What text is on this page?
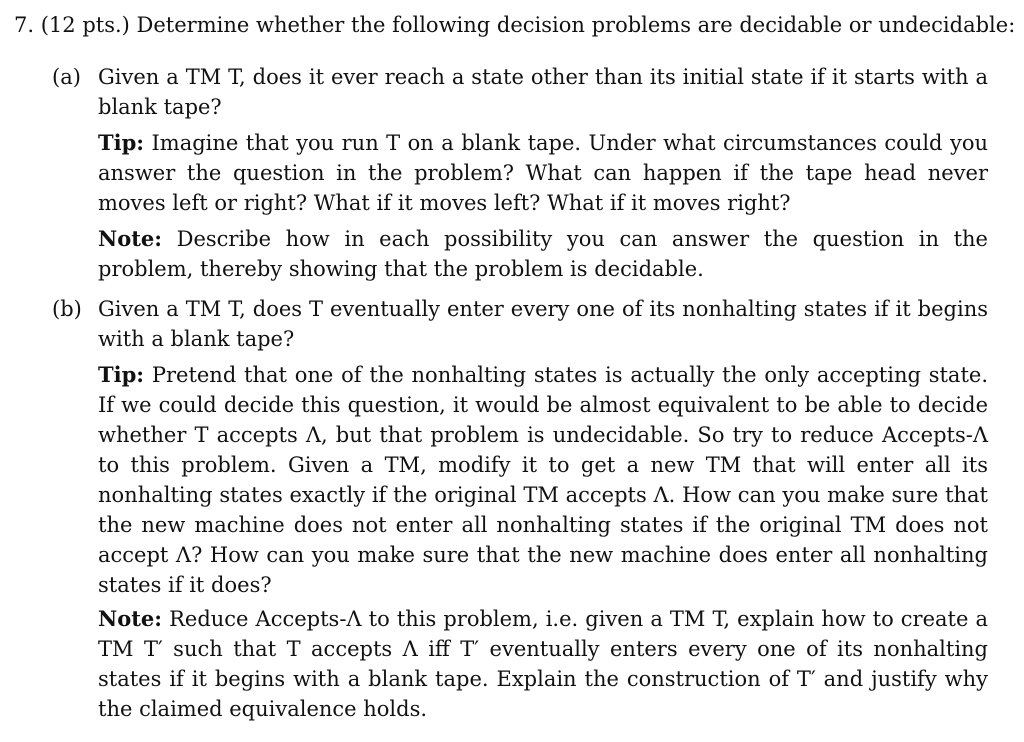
7. (12 pts.) Determine whether the following decision problems are decidable or undecidable:
(a) Given a TM T, does it ever reach a state other than its initial state if it starts with a blank tape?
Tip: Imagine that you run T on a blank tape. Under what circumstances could you answer the question in the problem? What can happen if the tape head never moves left or right? What if it moves left? What if it moves right?
Note: Describe how in each possibility you can answer the question in the problem, thereby showing that the problem is decidable.
(b) Given a TM T, does T eventually enter every one of its nonhalting states if it begins with a blank tape?
Tip: Pretend that one of the nonhalting states is actually the only accepting state. If we could decide this question, it would be almost equivalent to be able to decide whether T accepts Λ, but that problem is undecidable. So try to reduce Accepts-Λ to this problem. Given a TM, modify it to get a new TM that will enter all its nonhalting states exactly if the original TM accepts Λ. How can you make sure that the new machine does not enter all nonhalting states if the original TM does not accept Λ? How can you make sure that the new machine does enter all nonhalting states if it does?
Note: Reduce Accepts-Λ to this problem, i.e. given a TM T, explain how to create a TM T′ such that T accepts Λ iff T′ eventually enters every one of its nonhalting states if it begins with a blank tape. Explain the construction of T′ and justify why the claimed equivalence holds.
